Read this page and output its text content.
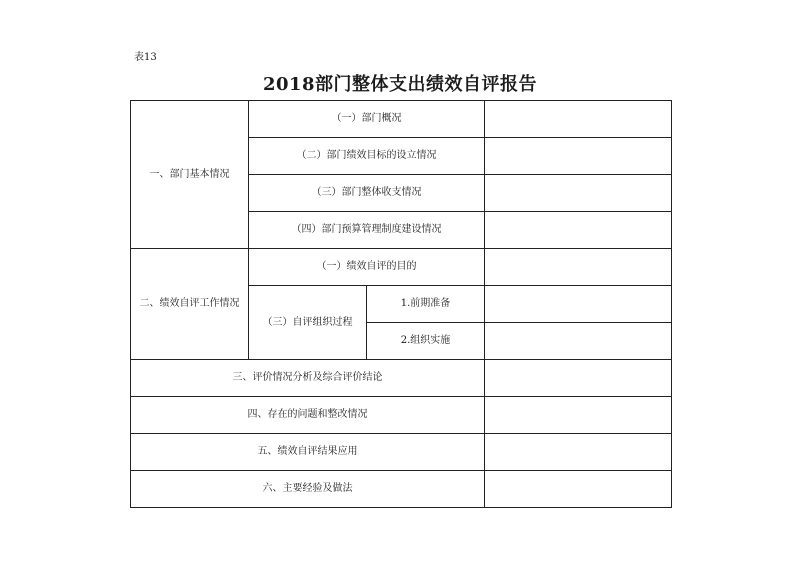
表13
2018部门整体支出绩效自评报告
一、部门基本情况	（一）部门概况		
	（二）部门绩效目标的设立情况		
	（三）部门整体收支情况		
	（四）部门预算管理制度建设情况		
二、绩效自评工作情况	（一）绩效自评的目的		
	（三）自评组织过程	1.前期准备	
		2.组织实施	
三、评价情况分析及综合评价结论			
四、存在的问题和整改情况			
五、绩效自评结果应用			
六、主要经验及做法			
